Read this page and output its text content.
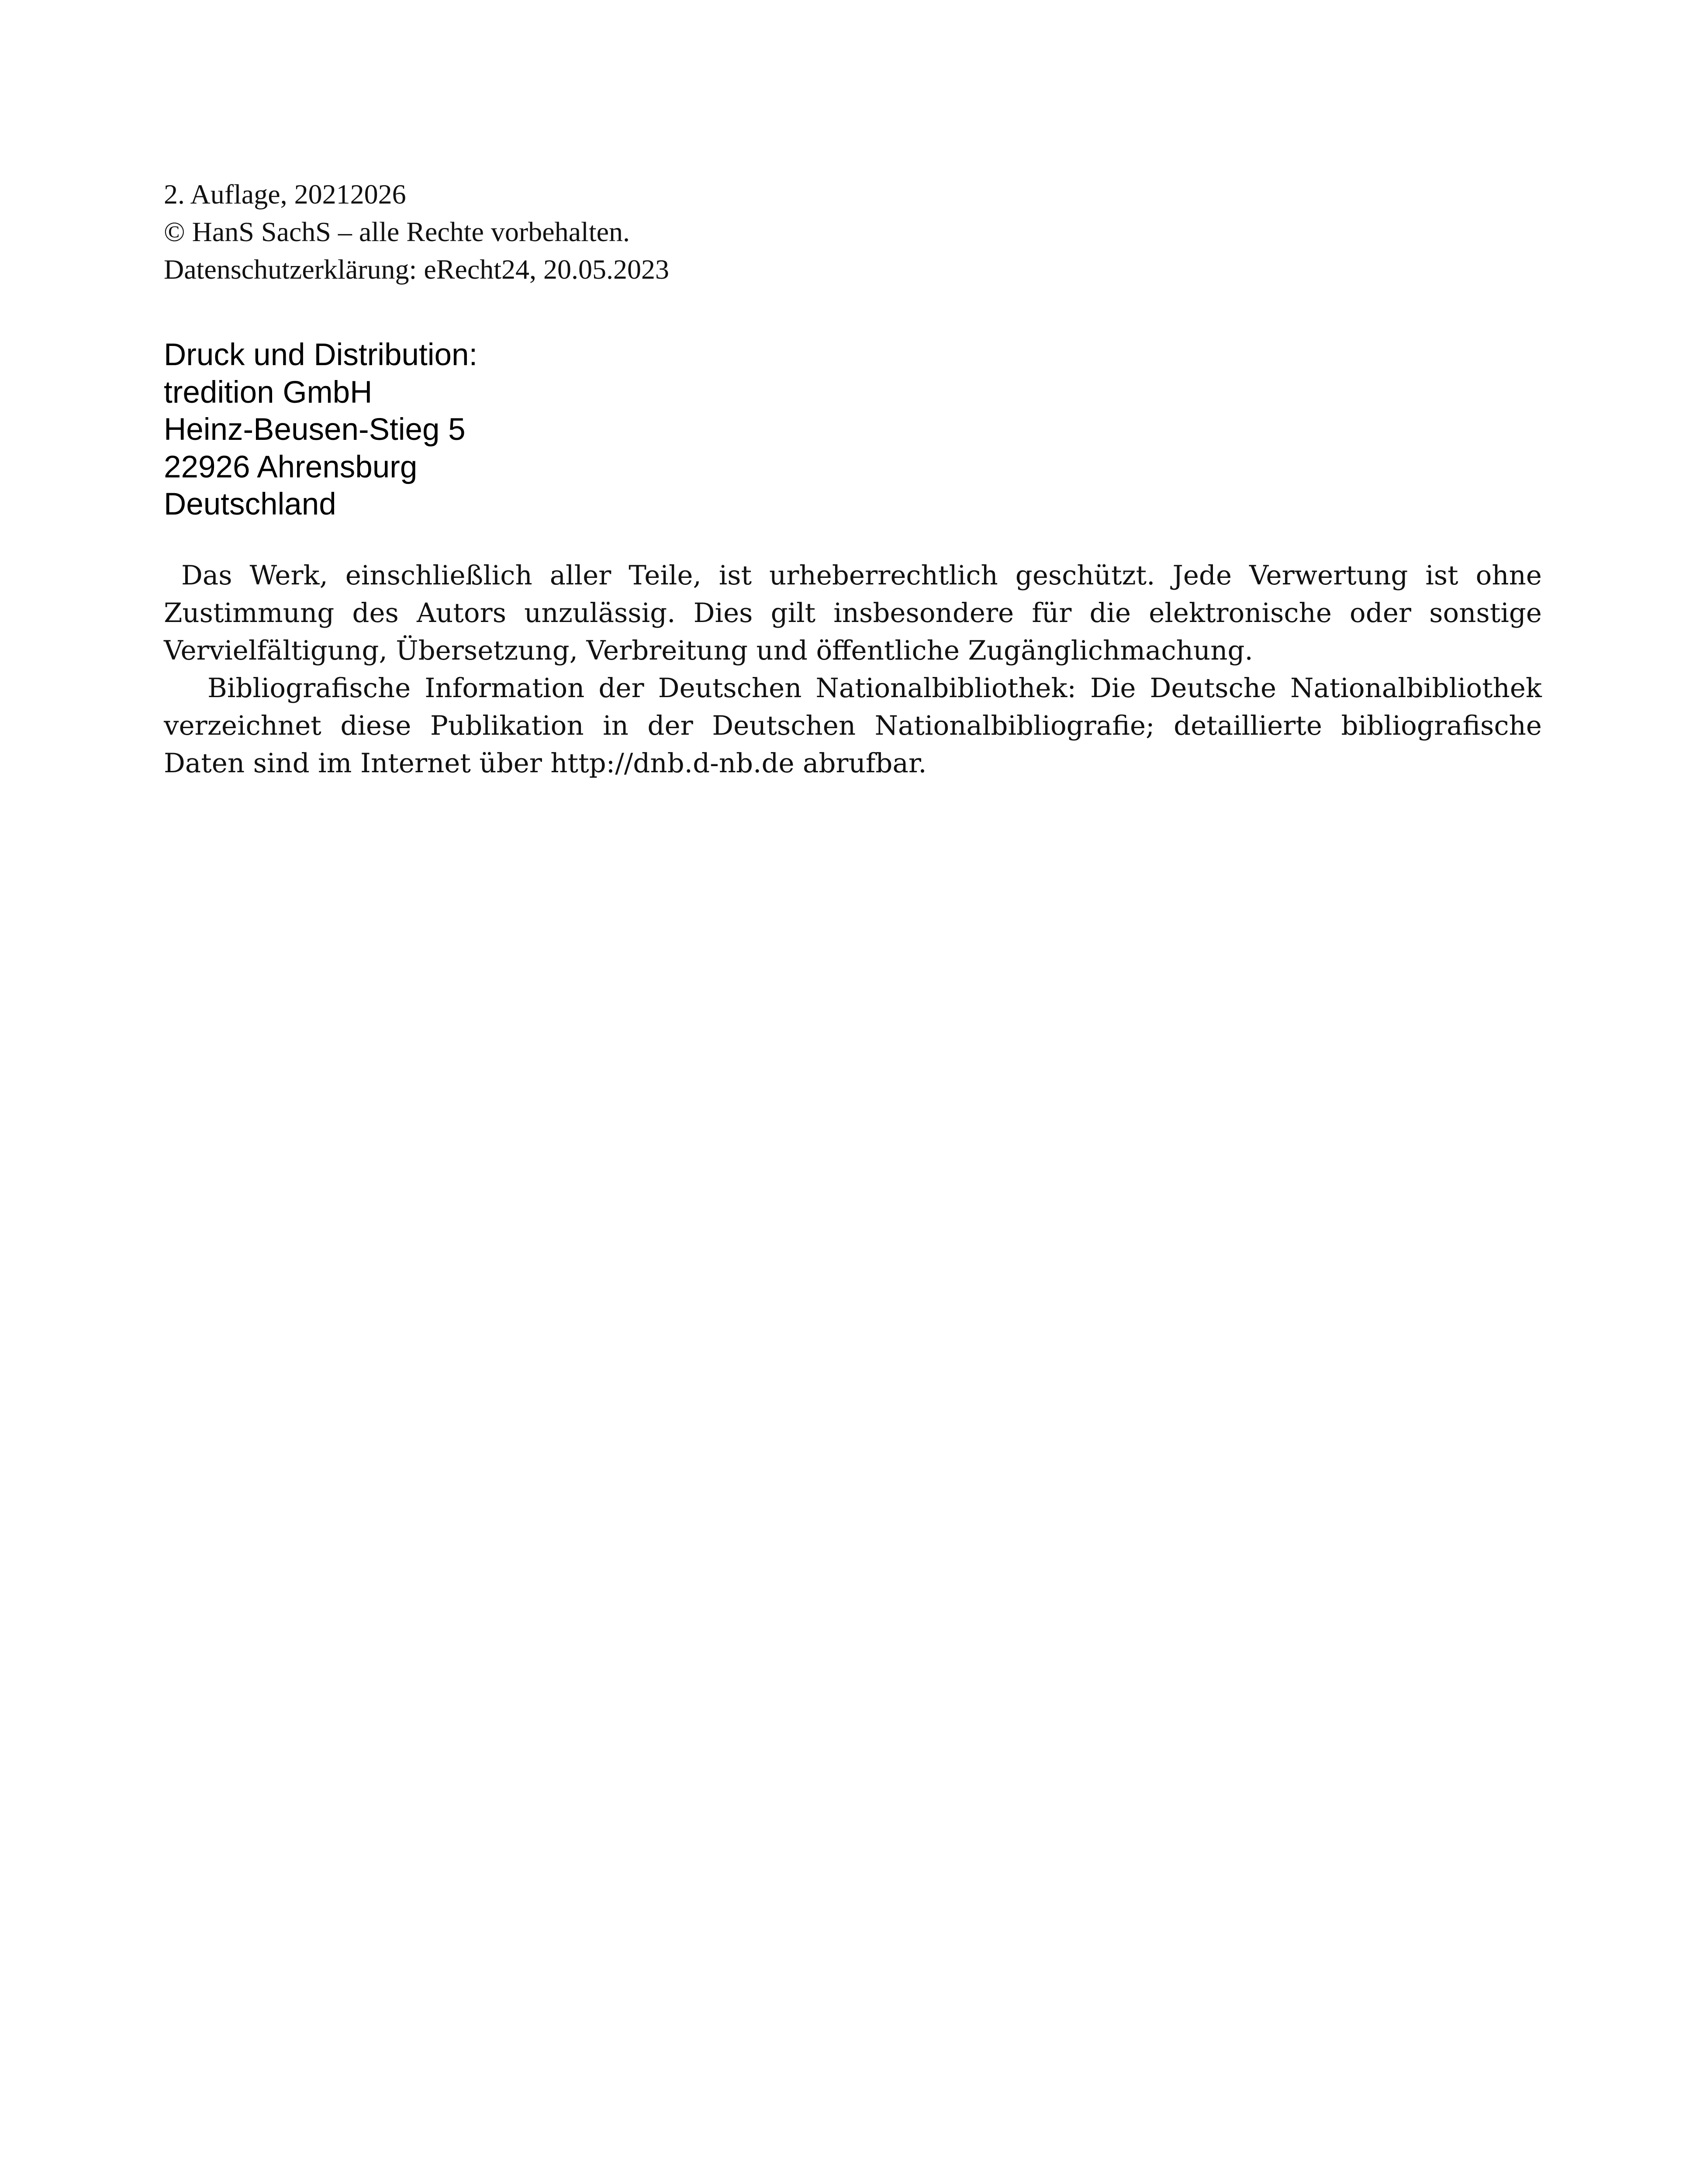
2. Auflage, 20212026
© HanS SachS – alle Rechte vorbehalten.
Datenschutzerklärung: eRecht24, 20.05.2023
Druck und Distribution:
tredition GmbH
Heinz-Beusen-Stieg 5
22926 Ahrensburg
Deutschland

Das Werk, einschließlich aller Teile, ist urheberrechtlich geschützt. Jede Verwertung ist ohne Zustimmung des Autors unzulässig. Dies gilt insbesondere für die elektronische oder sonstige Vervielfältigung, Übersetzung, Verbreitung und öffentliche Zugänglichmachung.

Bibliografische Information der Deutschen Nationalbibliothek: Die Deutsche Nationalbibliothek verzeichnet diese Publikation in der Deutschen Nationalbibliografie; detaillierte bibliografische Daten sind im Internet über http://dnb.d-nb.de abrufbar.
